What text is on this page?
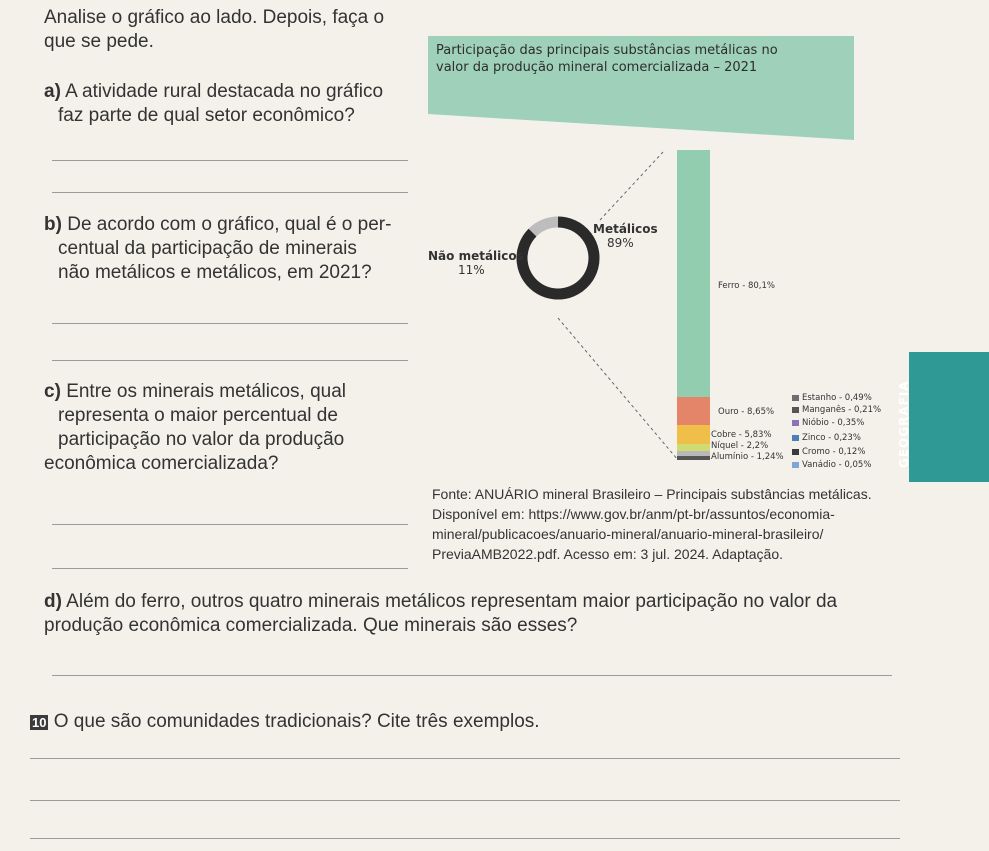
Analise o gráfico ao lado. Depois, faça o
que se pede.
a) A atividade rural destacada no gráfico
faz parte de qual setor econômico?
b) De acordo com o gráfico, qual é o per-
centual da participação de minerais
não metálicos e metálicos, em 2021?
c) Entre os minerais metálicos, qual
representa o maior percentual de
participação no valor da produção
econômica comercializada?
Participação das principais substâncias metálicas no
valor da produção mineral comercializada – 2021
Metálicos
89%
Não metálicos
11%
Ferro - 80,1%
Ouro - 8,65%
Cobre - 5,83%
Níquel - 2,2%
Alumínio - 1,24%
Estanho - 0,49%
Manganês - 0,21%
Nióbio - 0,35%
Zinco - 0,23%
Cromo - 0,12%
Vanádio - 0,05%
Fonte: ANUÁRIO mineral Brasileiro – Principais substâncias metálicas.
Disponível em: https://www.gov.br/anm/pt-br/assuntos/economia-
mineral/publicacoes/anuario-mineral/anuario-mineral-brasileiro/
PreviaAMB2022.pdf. Acesso em: 3 jul. 2024. Adaptação.
GEOGRAFIA
d) Além do ferro, outros quatro minerais metálicos representam maior participação no valor da
produção econômica comercializada. Que minerais são esses?
10 O que são comunidades tradicionais? Cite três exemplos.
